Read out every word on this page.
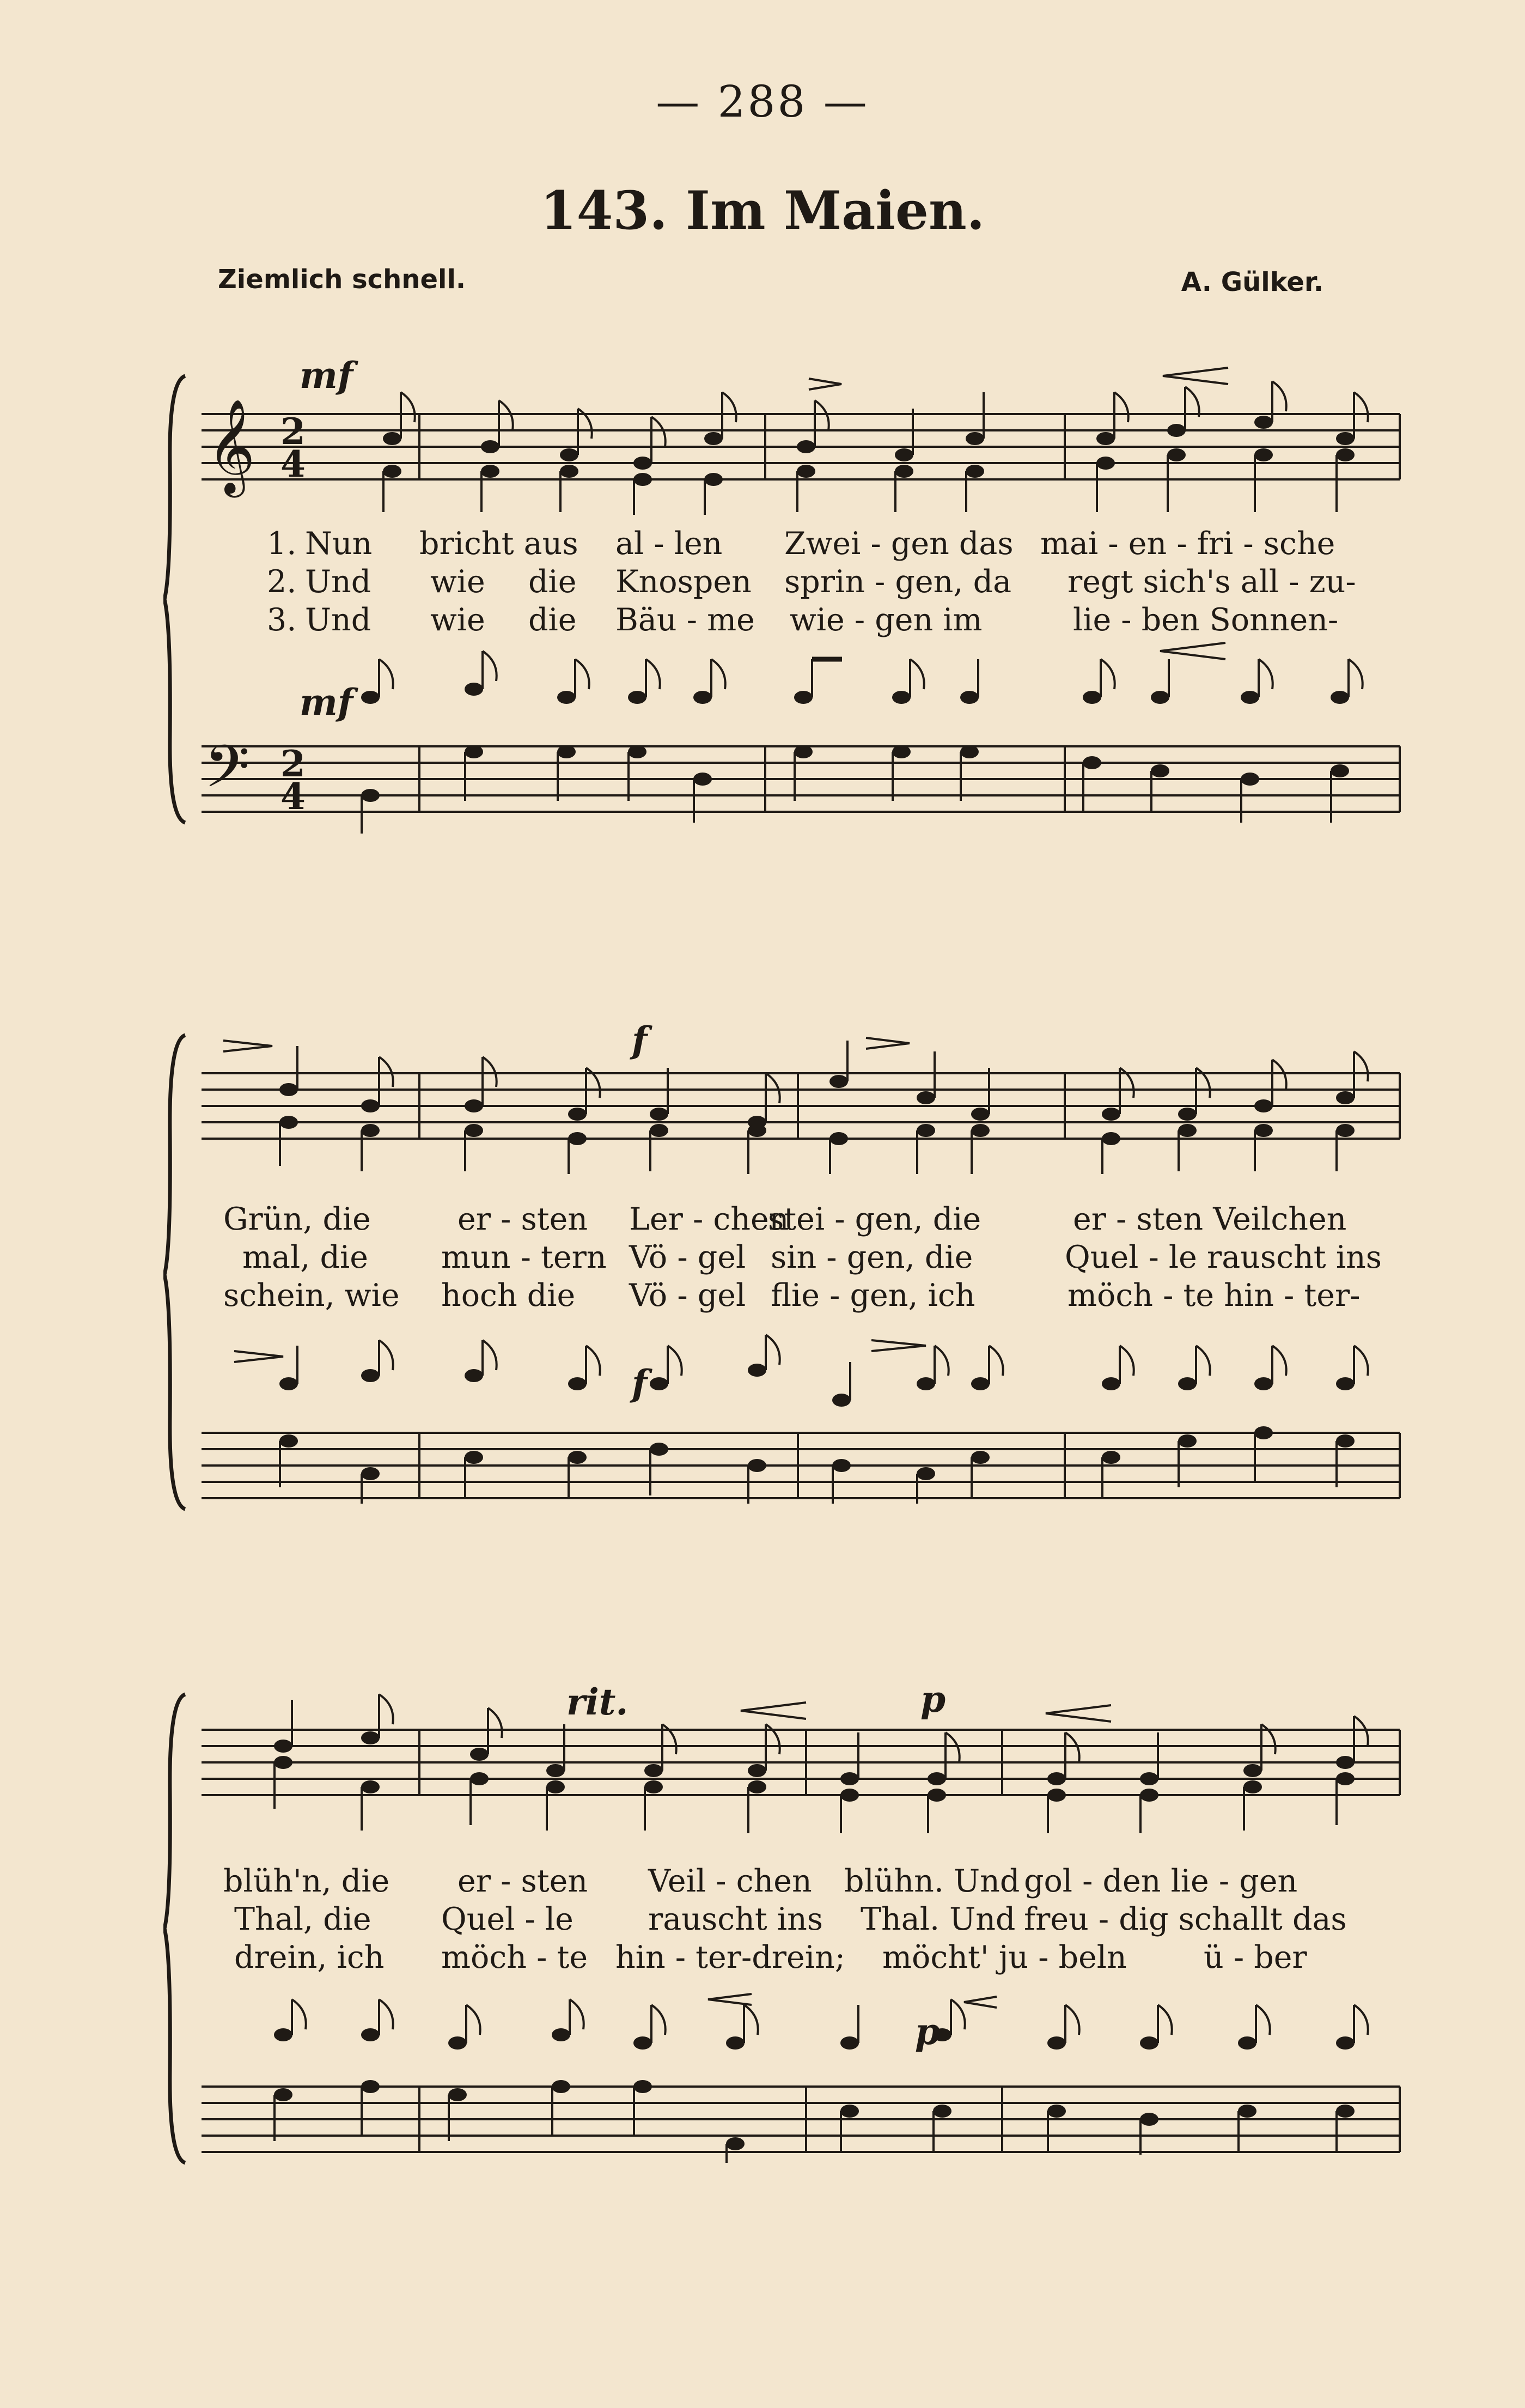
— 288 —
143. Im Maien.
Ziemlich schnell.	A. Gülker.
𝄞 2
4
mf
1. Nun bricht aus al - len Zwei - gen das mai - en - fri - sche
2. Und wie die Knospen sprin - gen, da regt sich's all - zu-
3. Und wie die Bäu - me wie - gen im	lie - ben Sonnen-
𝄢 2
4
mf
f
Grün, die	er - sten Ler - chen
stei - gen, die	er - sten Veilchen
mal, die mun - tern Vö - gel sin - gen, die	Quel - le rauscht ins
schein, wie hoch die Vö - gel flie - gen, ich	möch - te hin - ter-
f
rit.	p
blüh'n, die er - sten Veil - chen blühn. Und gol - den lie - gen
Thal, die Quel - le rauscht ins Thal. Und freu - dig schallt das
drein, ich möch - te hin - ter-drein; möcht' ju - beln ü - ber
p
